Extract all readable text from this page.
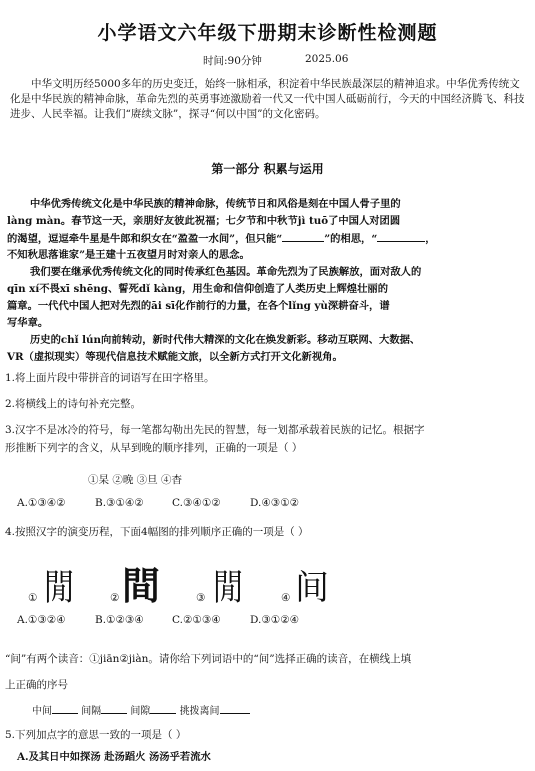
小学语文六年级下册期末诊断性检测题
时间:90分钟	2025.06
中华文明历经5000多年的历史变迁，始终一脉相承，积淀着中华民族最深层的精神追求。中华优秀传统文化是中华民族的精神命脉，革命先烈的英勇事迹激励着一代又一代中国人砥砺前行，今天的中国经济腾飞、科技进步、人民幸福。让我们“赓续文脉”，探寻“何以中国”的文化密码。
第一部分 积累与运用
中华优秀传统文化是中华民族的精神命脉，传统节日和风俗是刻在中国人骨子里的
làng màn。春节这一天，亲朋好友彼此祝福；七夕节和中秋节jì tuō了中国人对团圆
的渴望，逗逗牵牛星是牛郎和织女在“盈盈一水间”，但只能“	”的相思，“	，
不知秋思落谁家”是王建十五夜望月时对亲人的思念。
我们要在继承优秀传统文化的同时传承红色基因。革命先烈为了民族解放，面对敌人的
qīn xí不畏xī shēng、誓死dǐ kàng，用生命和信仰创造了人类历史上辉煌壮丽的
篇章。一代代中国人把对先烈的āi sī化作前行的力量，在各个lǐng yù深耕奋斗，谱
写华章。
历史的chǐ lún向前转动，新时代伟大精深的文化在焕发新彩。移动互联网、大数据、
VR（虚拟现实）等现代信息技术赋能文旅，以全新方式打开文化新视角。
1.将上面片段中带拼音的词语写在田字格里。
2.将横线上的诗句补充完整。
3.汉字不是冰冷的符号，每一笔都勾勒出先民的智慧，每一划都承载着民族的记忆。根据字
形推断下列字的含义，从早到晚的顺序排列，正确的一项是（ ）
①杲 ②晚 ③旦 ④杳
A.①③④②	B.③①④②	C.③④①②	D.④③①②
4.按照汉字的演变历程，下面4幅图的排列顺序正确的一项是（ ）
① 閒	② 間	③ 閒	④ 间
A.①③②④	B.①②③④	C.②①③④	D.③①②④
“间”有两个读音：①jiān②jiàn。请你给下列词语中的“间”选择正确的读音，在横线上填
上正确的序号
中间	间隔	间隙	挑拨离间
5.下列加点字的意思一致的一项是（ ）
A.及其日中如探汤 赴汤蹈火 汤汤乎若流水
